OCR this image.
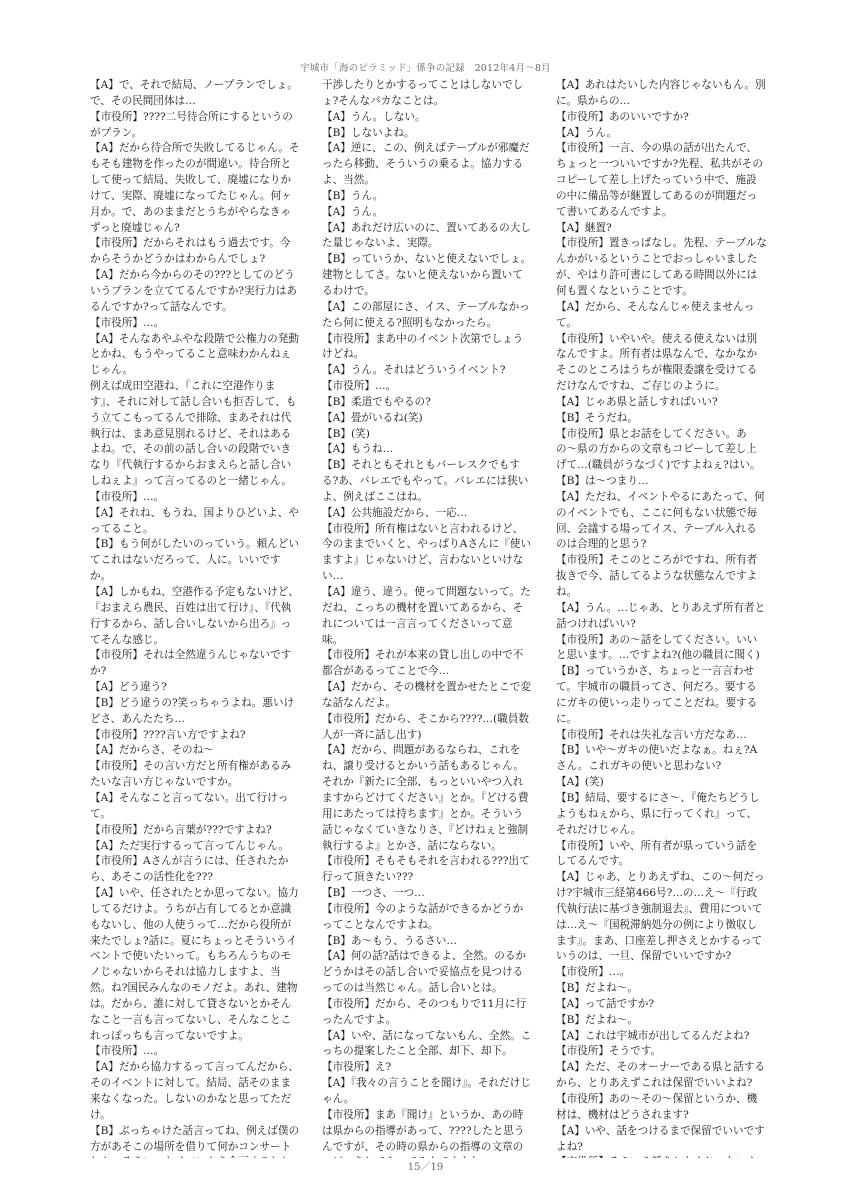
宇城市「海のピラミッド」係争の記録　2012年4月〜8月

【A】で、それで結局、ノープランでしょ。で、その民間団体は…

【市役所】????二号待合所にするというのがプラン。

【A】だから待合所で失敗してるじゃん。そもそも建物を作ったのが間違い。待合所として使って結局、失敗して、廃墟になりかけて、実際、廃墟になってたじゃん。何ヶ月か。で、あのままだとうちがやらなきゃずっと廃墟じゃん?

【市役所】だからそれはもう過去です。今からそうかどうかはわからんでしょ?

【A】だから今からのその???としてのどういうプランを立ててるんですか?実行力はあるんですか?って話なんです。

【市役所】…。

【A】そんなあやふやな段階で公権力の発動とかね、もうやってること意味わかんねぇじゃん。

例えば成田空港ね、『これに空港作ります』、それに対して話し合いも拒否して、もう立てこもってるんで排除、まあそれは代執行は、まあ意見別れるけど、それはあるよね。で、その前の話し合いの段階でいきなり『代執行するからおまえらと話し合いしねぇよ』って言ってるのと一緒じゃん。

【市役所】…。

【A】それね、もうね、国よりひどいよ、やってること。

【B】もう何がしたいのっていう。頼んどいてこれはないだろって、人に。いいですか。

【A】しかもね、空港作る予定もないけど、『おまえら農民、百姓は出て行け』、『代執行するから、話し合いしないから出ろ』ってそんな感じ。

【市役所】それは全然違うんじゃないですか?

【A】どう違う?

【B】どう違うの?笑っちゃうよね。悪いけどさ、あんたたち…

【市役所】????言い方ですよね?

【A】だからさ、そのね〜

【市役所】その言い方だと所有権があるみたいな言い方じゃないですか。

【A】そんなこと言ってない。出て行けって。

【市役所】だから言葉が???ですよね?

【A】ただ実行するって言ってんじゃん。

【市役所】Aさんが言うには、任されたから、あそこの活性化を???

【A】いや、任されたとか思ってない。協力してるだけよ。うちが占有してるとか意識もないし、他の人使うって…だから役所が来たでしょ?話に。夏にちょっとそういうイベントで使いたいって。もちろんうちのモノじゃないからそれは協力しますよ、当然。ね?国民みんなのモノだよ。あれ、建物は。だから、誰に対して貸さないとかそんなこと一言も言ってないし、そんなことこれっぽっちも言ってないですよ。

【市役所】…。

【A】だから協力するって言ってんだから、そのイベントに対して。結局、話そのまま来なくなった。しないのかなと思ってただけ。

【B】ぶっちゃけた話言ってね、例えば僕の方があそこの場所を借りて何かコンサート

干渉したりとかするってことはしないでしょ?そんなバカなことは。

【A】うん。しない。

【B】しないよね。

【A】逆に、この、例えばテーブルが邪魔だったら移動、そういうの乗るよ。協力するよ、当然。

【B】うん。

【A】うん。

【A】あれだけ広いのに、置いてあるの大した量じゃないよ、実際。

【B】っていうか、ないと使えないでしょ。建物としてさ。ないと使えないから置いてるわけで。

【A】この部屋にさ、イス、テーブルなかったら何に使える?照明もなかったら。

【市役所】まあ中のイベント次第でしょうけどね。

【A】うん。それはどういうイベント?

【市役所】…。

【B】柔道でもやるの?

【A】畳がいるね(笑)

【B】(笑)

【A】もうね…

【B】それともそれともバーレスクでもする?あ、バレエでもやって。バレエには狭いよ、例えばここはね。

【A】公共施設だから、一応…

【市役所】所有権はないと言われるけど、今のままでいくと、やっぱりAさんに『使いますよ』じゃないけど、言わないといけない…

【A】違う、違う。使って問題ないって。ただね、こっちの機材を置いてあるから、それについては一言言ってくださいって意味。

【市役所】それが本来の貸し出しの中で不都合があるってことで今…

【A】だから、その機材を置かせたとこで変な話なんだよ。

【市役所】だから、そこから????…(職員数人が一斉に話し出す)

【A】だから、問題があるならね、これをね、譲り受けるとかいう話もあるじゃん。それか『新たに全部、もっといいやつ入れますからどけてください』とか。『どける費用にあたっては持ちます』とか。そういう話じゃなくていきなりさ、『どけねぇと強制執行するよ』とかさ、話にならない。

【市役所】そもそもそれを言われる???出て行って頂きたい???

【B】一つさ、一つ…

【市役所】今のような話ができるかどうかってことなんですよね。

【B】あ〜もう、うるさい…

【A】何の話?話はできるよ、全然。のるかどうかはその話し合いで妥協点を見つけるってのは当然じゃん。話し合いとは。

【市役所】だから、そのつもりで11月に行ったんですよ。

【A】いや、話になってないもん、全然。こっちの提案したこと全部、却下、却下。

【市役所】え?

【A】『我々の言うことを聞け』。それだけじゃん。

【市役所】まあ『聞け』というか、あの時は県からの指導があって、????したと思うんですが、その時の県からの指導の文章の

【A】あれはたいした内容じゃないもん。別に。県からの…

【市役所】あのいいですか?

【A】うん。

【市役所】一言、今の県の話が出たんで、ちょっと一ついいですか?先程、私共がそのコピーして差し上げたっていう中で、施設の中に備品等が継置してあるのが問題だって書いてあるんですよ。

【A】継置?

【市役所】置きっぱなし。先程、テーブルなんかがいるということでおっしゃいましたが、やはり許可書にしてある時間以外には何も置くなということです。

【A】だから、そんなんじゃ使えませんって。

【市役所】いやいや。使える使えないは別なんですよ。所有者は県なんで、なかなかそこのところはうちが権限委譲を受けてるだけなんですね、ご存じのように。

【A】じゃあ県と話しすればいい?

【B】そうだね。

【市役所】県とお話をしてください。あの〜県の方からの文章もコピーして差し上げて…(職員がうなづく)ですよねぇ?はい。

【B】は〜つまり…

【A】ただね、イベントやるにあたって、何のイベントでも、ここに何もない状態で毎回、会議する場ってイス、テーブル入れるのは合理的と思う?

【市役所】そこのところがですね、所有者抜きで今、話してるような状態なんですよね。

【A】うん。…じゃあ、とりあえず所有者と話つければいい?

【市役所】あの〜話をしてください。いいと思います。…ですよね?(他の職員に聞く)

【B】っていうかさ、ちょっと一言言わせて。宇城市の職員ってさ、何だろ。要するにガキの使いっ走りってことだね。要するに。

【市役所】それは失礼な言い方だなあ…

【B】いや〜ガキの使いだよなぁ。ねぇ?Aさん。これガキの使いと思わない?

【A】(笑)

【B】結局、要するにさ〜、『俺たちどうしようもねぇから、県に行ってくれ』って、それだけじゃん。

【市役所】いや、所有者が県っていう話をしてるんです。

【A】じゃあ、とりあえずね、この〜何だっけ?宇城市三経第466号?…の…え〜『行政代執行法に基づき強制退去』、費用については…え〜『国税滞納処分の例により徴収します』。まあ、口座差し押さえとかするっていうのは、一旦、保留でいいですか?

【市役所】…。

【B】だよね〜。

【A】って話ですか?

【B】だよね〜。

【A】これは宇城市が出してるんだよね?

【市役所】そうです。

【A】ただ、そのオーナーである県と話するから、とりあえずこれは保留でいいよね?

【市役所】あの〜その〜保留というか、機材は、機材はどうされます?

【A】いや、話をつけるまで保留でいいですよね?

15／19
